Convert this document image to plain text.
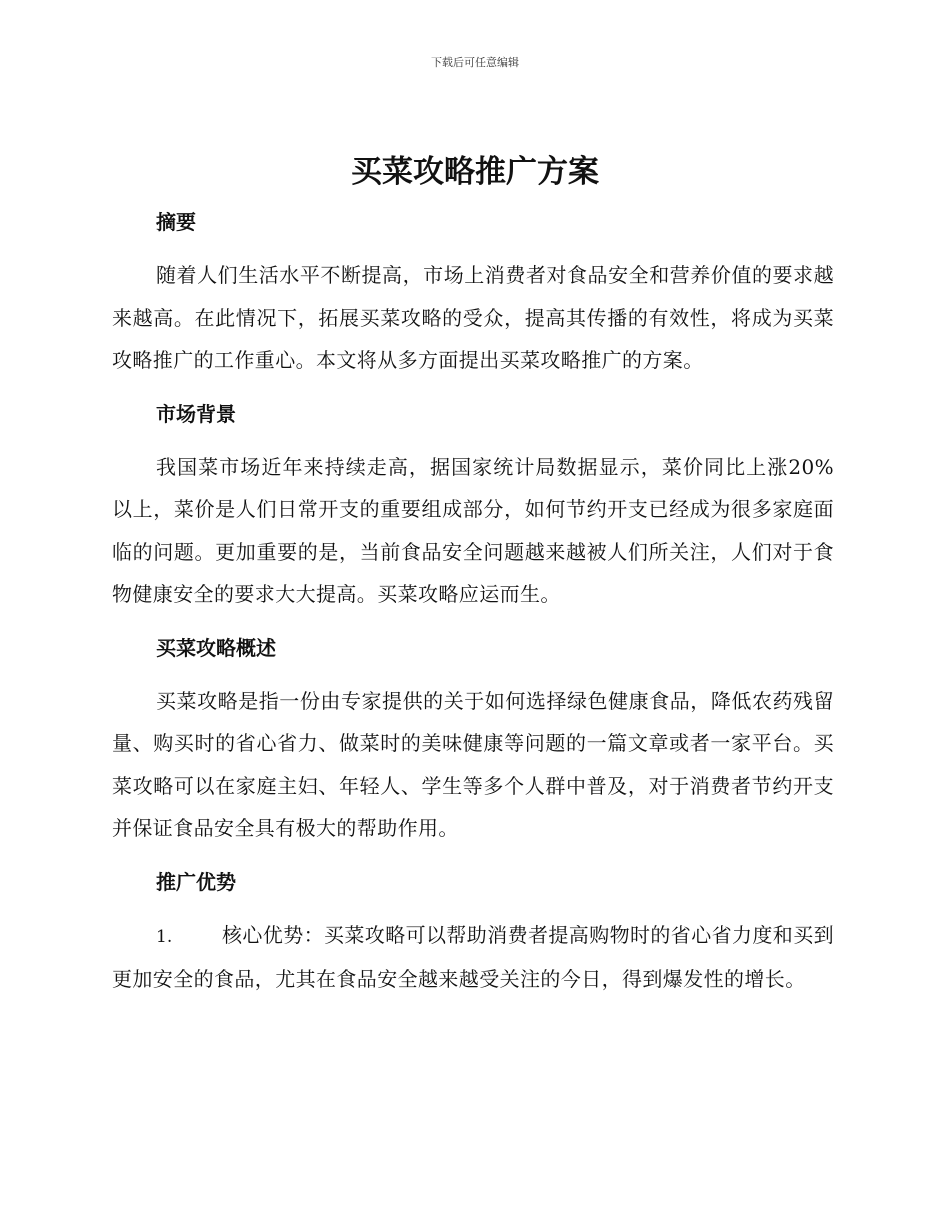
下载后可任意编辑
买菜攻略推广方案
摘要

随着人们生活水平不断提高，市场上消费者对食品安全和营养价值的要求越来越高。在此情况下，拓展买菜攻略的受众，提高其传播的有效性，将成为买菜攻略推广的工作重心。本文将从多方面提出买菜攻略推广的方案。

市场背景

我国菜市场近年来持续走高，据国家统计局数据显示，菜价同比上涨20%以上，菜价是人们日常开支的重要组成部分，如何节约开支已经成为很多家庭面临的问题。更加重要的是，当前食品安全问题越来越被人们所关注，人们对于食物健康安全的要求大大提高。买菜攻略应运而生。

买菜攻略概述

买菜攻略是指一份由专家提供的关于如何选择绿色健康食品，降低农药残留量、购买时的省心省力、做菜时的美味健康等问题的一篇文章或者一家平台。买菜攻略可以在家庭主妇、年轻人、学生等多个人群中普及，对于消费者节约开支并保证食品安全具有极大的帮助作用。

推广优势

1. 核心优势：买菜攻略可以帮助消费者提高购物时的省心省力度和买到更加安全的食品，尤其在食品安全越来越受关注的今日，得到爆发性的增长。
